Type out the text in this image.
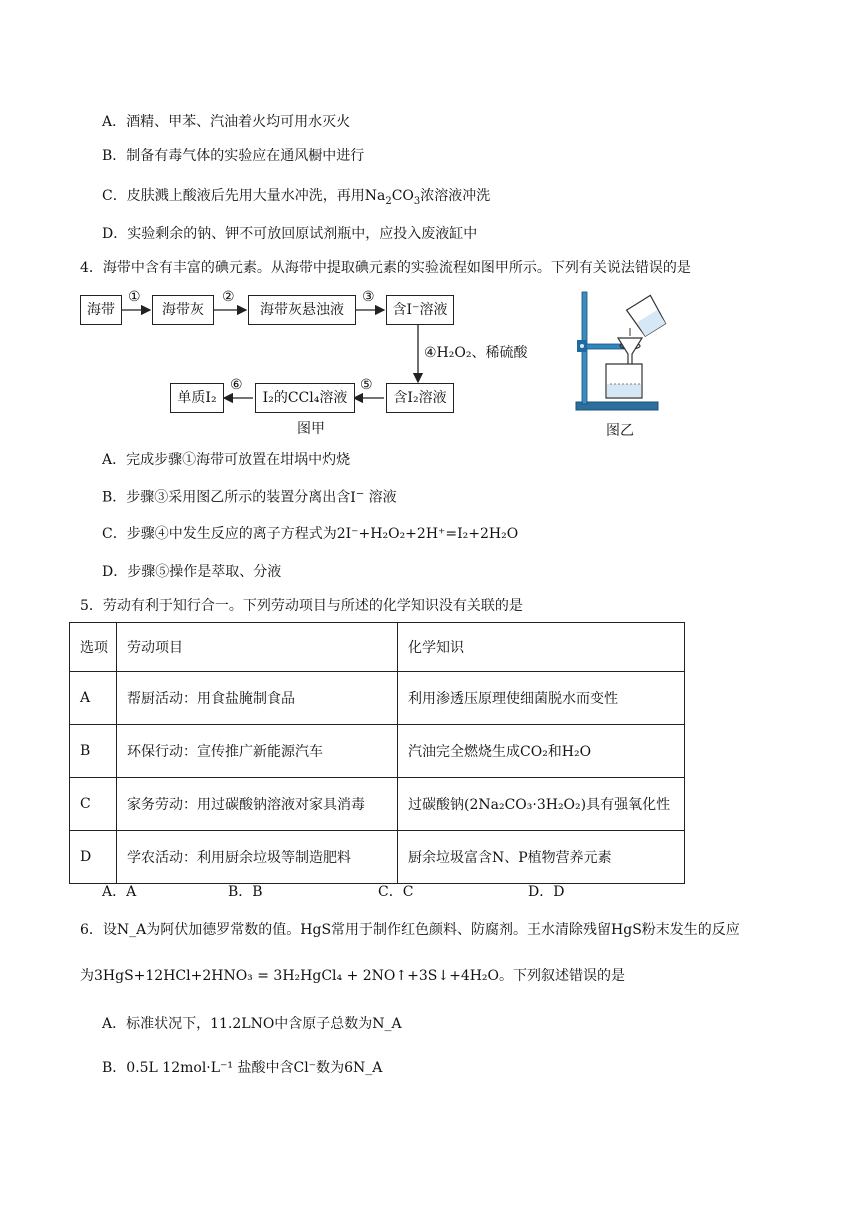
A．酒精、甲苯、汽油着火均可用水灭火
B．制备有毒气体的实验应在通风橱中进行
C．皮肤溅上酸液后先用大量水冲洗，再用$Na_2CO_3$浓溶液冲洗
D．实验剩余的钠、钾不可放回原试剂瓶中，应投入废液缸中
4．海带中含有丰富的碘元素。从海带中提取碘元素的实验流程如图甲所示。下列有关说法错误的是
海带	海带灰	海带灰悬浊液	含I⁻溶液
含I₂溶液
I₂的CCl₄溶液
单质I₂
①	②	③
④H₂O₂、稀硫酸
⑤
⑥
图甲	图乙
A．完成步骤①海带可放置在坩埚中灼烧
B．步骤③采用图乙所示的装置分离出含I− 溶液
C．步骤④中发生反应的离子方程式为2I⁻+H₂O₂+2H⁺=I₂+2H₂O
D．步骤⑤操作是萃取、分液
5．劳动有利于知行合一。下列劳动项目与所述的化学知识没有关联的是
选项	劳动项目	化学知识
A	帮厨活动：用食盐腌制食品	利用渗透压原理使细菌脱水而变性
B	环保行动：宣传推广新能源汽车	汽油完全燃烧生成CO₂和H₂O
C	家务劳动：用过碳酸钠溶液对家具消毒	过碳酸钠(2Na₂CO₃·3H₂O₂)具有强氧化性
D	学农活动：利用厨余垃圾等制造肥料	厨余垃圾富含N、P植物营养元素
A．A	B．B	C．C	D．D
6．设N_A为阿伏加德罗常数的值。HgS常用于制作红色颜料、防腐剂。王水清除残留HgS粉末发生的反应
为3HgS+12HCl+2HNO₃ = 3H₂HgCl₄ + 2NO↑+3S↓+4H₂O。下列叙述错误的是
A．标准状况下，11.2LNO中含原子总数为N_A
B．0.5L 12mol·L⁻¹ 盐酸中含Cl⁻数为6N_A
